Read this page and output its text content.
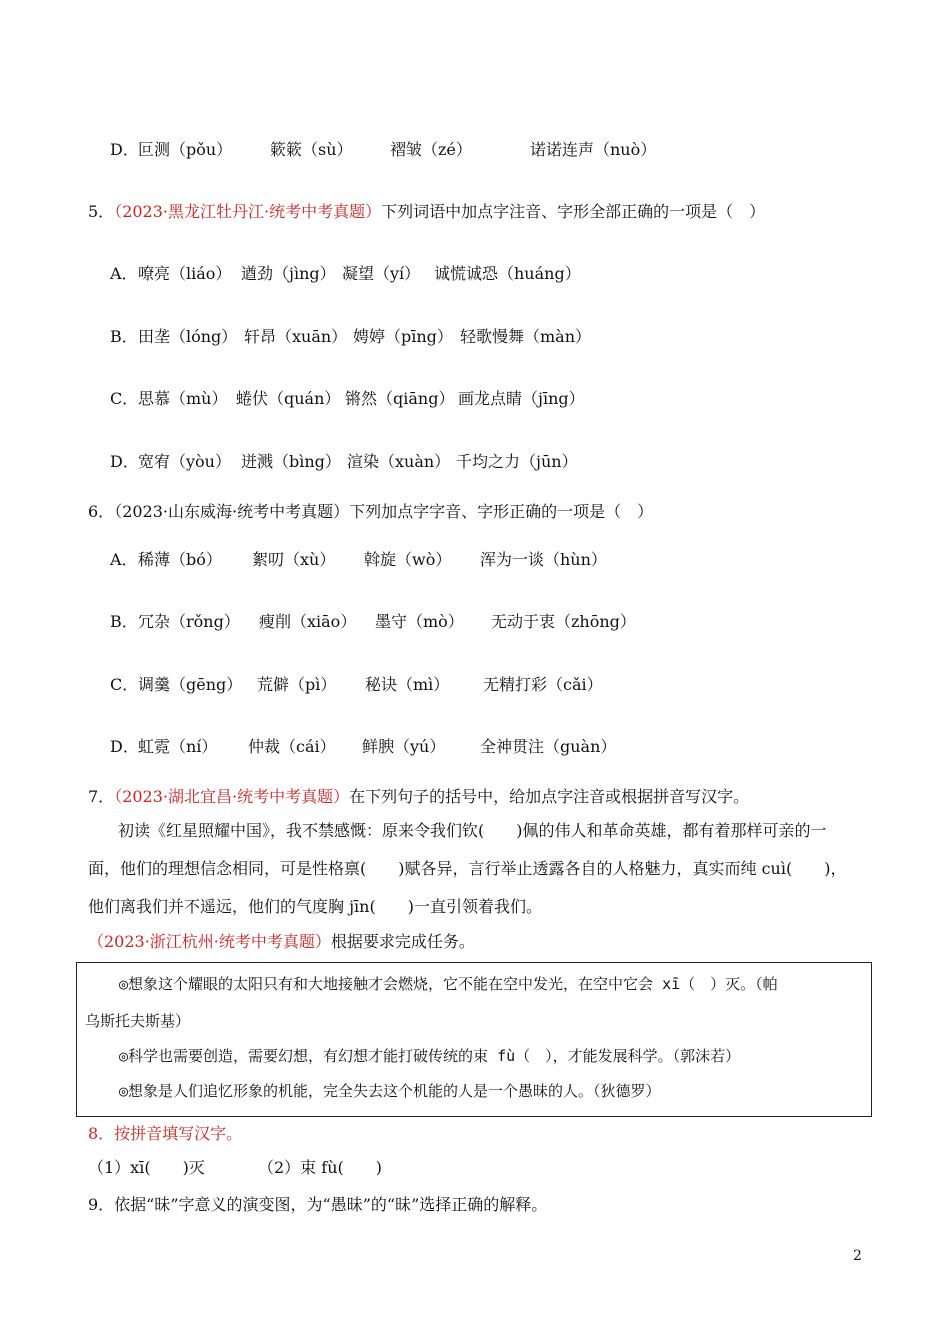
D． 叵测（pǒu） 簌簌（sù） 褶皱（zé）	诺诺连声（nuò）
5．（2023·黑龙江牡丹江·统考中考真题）下列词语中加点字注音、字形全部正确的一项是（　）
A． 嘹亮（liáo） 遒劲（jìng） 凝望（yí） 诚慌诚恐（huáng）
B． 田垄（lóng） 轩昂（xuān） 娉婷（pīng） 轻歌慢舞（màn）
C． 思慕（mù） 蜷伏（quán） 锵然（qiāng） 画龙点睛（jīng）
D． 宽宥（yòu） 迸溅（bìng） 渲染（xuàn） 千均之力（jūn）
6．（2023·山东威海·统考中考真题）下列加点字字音、字形正确的一项是（　）
A． 稀薄（bó） 絮叨（xù） 斡旋（wò） 浑为一谈（hùn）
B． 冗杂（rǒng） 瘦削（xiāo） 墨守（mò） 无动于衷（zhōng）
C． 调羹（gēng） 荒僻（pì） 秘诀（mì） 无精打彩（cǎi）
D． 虹霓（ní） 仲裁（cái） 鲜腴（yú） 全神贯注（guàn）
7．（2023·湖北宜昌·统考中考真题）在下列句子的括号中，给加点字注音或根据拼音写汉字。
初读《红星照耀中国》，我不禁感慨：原来令我们钦(　　)佩的伟人和革命英雄，都有着那样可亲的一
面，他们的理想信念相同，可是性格禀(　　)赋各异，言行举止透露各自的人格魅力，真实而纯 cuì(　　)，
他们离我们并不遥远，他们的气度胸 jīn(　　)一直引领着我们。
（2023·浙江杭州·统考中考真题）根据要求完成任务。
◎想象这个耀眼的太阳只有和大地接触才会燃烧，它不能在空中发光，在空中它会 xī（　）灭。（帕
乌斯托夫斯基）
◎科学也需要创造，需要幻想，有幻想才能打破传统的束 fù（　），才能发展科学。（郭沫若）
◎想象是人们追忆形象的机能，完全失去这个机能的人是一个愚昧的人。（狄德罗）
8．按拼音填写汉字。
（1）xī(　　)灭	（2）束 fù(　　)
9．依据“昧”字意义的演变图，为“愚昧”的“昧”选择正确的解释。
2
